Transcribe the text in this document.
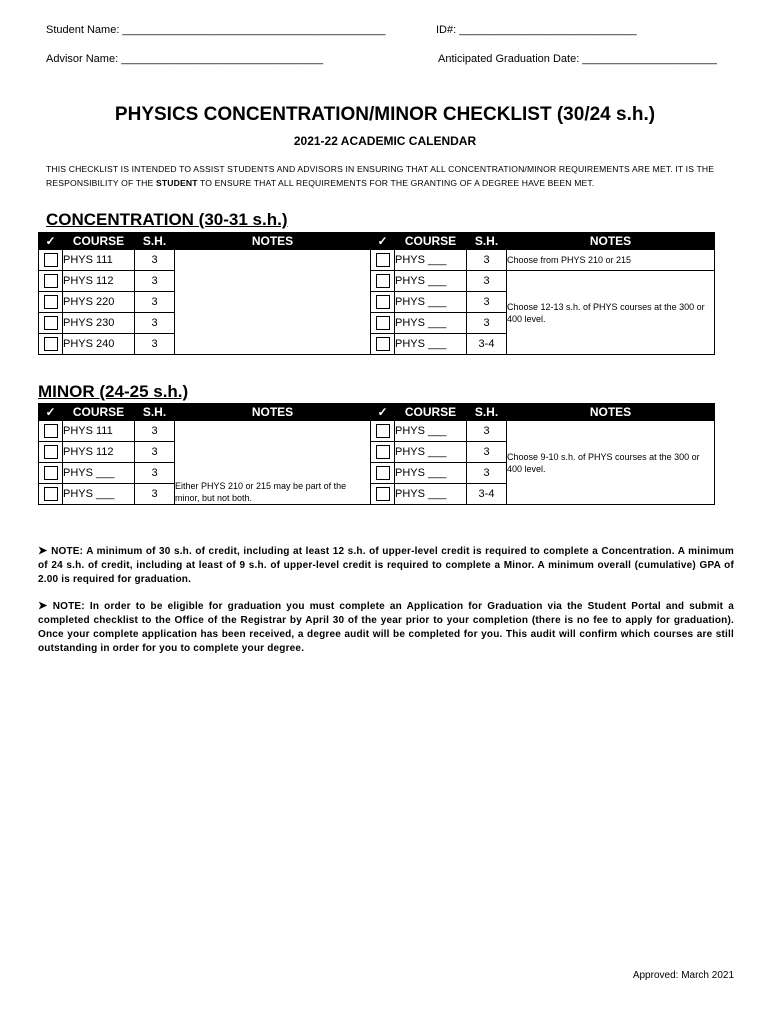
Student Name: ___________________________________________	ID#: _____________________________
Advisor Name: _________________________________	Anticipated Graduation Date: ______________________
PHYSICS CONCENTRATION/MINOR CHECKLIST (30/24 s.h.)
2021-22 ACADEMIC CALENDAR
THIS CHECKLIST IS INTENDED TO ASSIST STUDENTS AND ADVISORS IN ENSURING THAT ALL CONCENTRATION/MINOR REQUIREMENTS ARE MET. IT IS THE RESPONSIBILITY OF THE STUDENT TO ENSURE THAT ALL REQUIREMENTS FOR THE GRANTING OF A DEGREE HAVE BEEN MET.
CONCENTRATION (30-31 s.h.)
✓	COURSE	S.H.	NOTES	✓	COURSE	S.H.	NOTES
	PHYS 111	3			PHYS ___	3	Choose from PHYS 210 or 215
	PHYS 112	3			PHYS ___	3	Choose 12-13 s.h. of PHYS courses at the 300 or 400 level.
	PHYS 220	3			PHYS ___	3	
	PHYS 230	3			PHYS ___	3	
	PHYS 240	3			PHYS ___	3-4	
MINOR (24-25 s.h.)
✓	COURSE	S.H.	NOTES	✓	COURSE	S.H.	NOTES
	PHYS 111	3	Either PHYS 210 or 215 may be part of the minor, but not both.		PHYS ___	3	Choose 9-10 s.h. of PHYS courses at the 300 or 400 level.
	PHYS 112	3			PHYS ___	3	
	PHYS ___	3			PHYS ___	3	
	PHYS ___	3			PHYS ___	3-4	
➤ NOTE: A minimum of 30 s.h. of credit, including at least 12 s.h. of upper-level credit is required to complete a Concentration. A minimum of 24 s.h. of credit, including at least of 9 s.h. of upper-level credit is required to complete a Minor. A minimum overall (cumulative) GPA of 2.00 is required for graduation.
➤ NOTE: In order to be eligible for graduation you must complete an Application for Graduation via the Student Portal and submit a completed checklist to the Office of the Registrar by April 30 of the year prior to your completion (there is no fee to apply for graduation). Once your complete application has been received, a degree audit will be completed for you. This audit will confirm which courses are still outstanding in order for you to complete your degree.
Approved: March 2021
